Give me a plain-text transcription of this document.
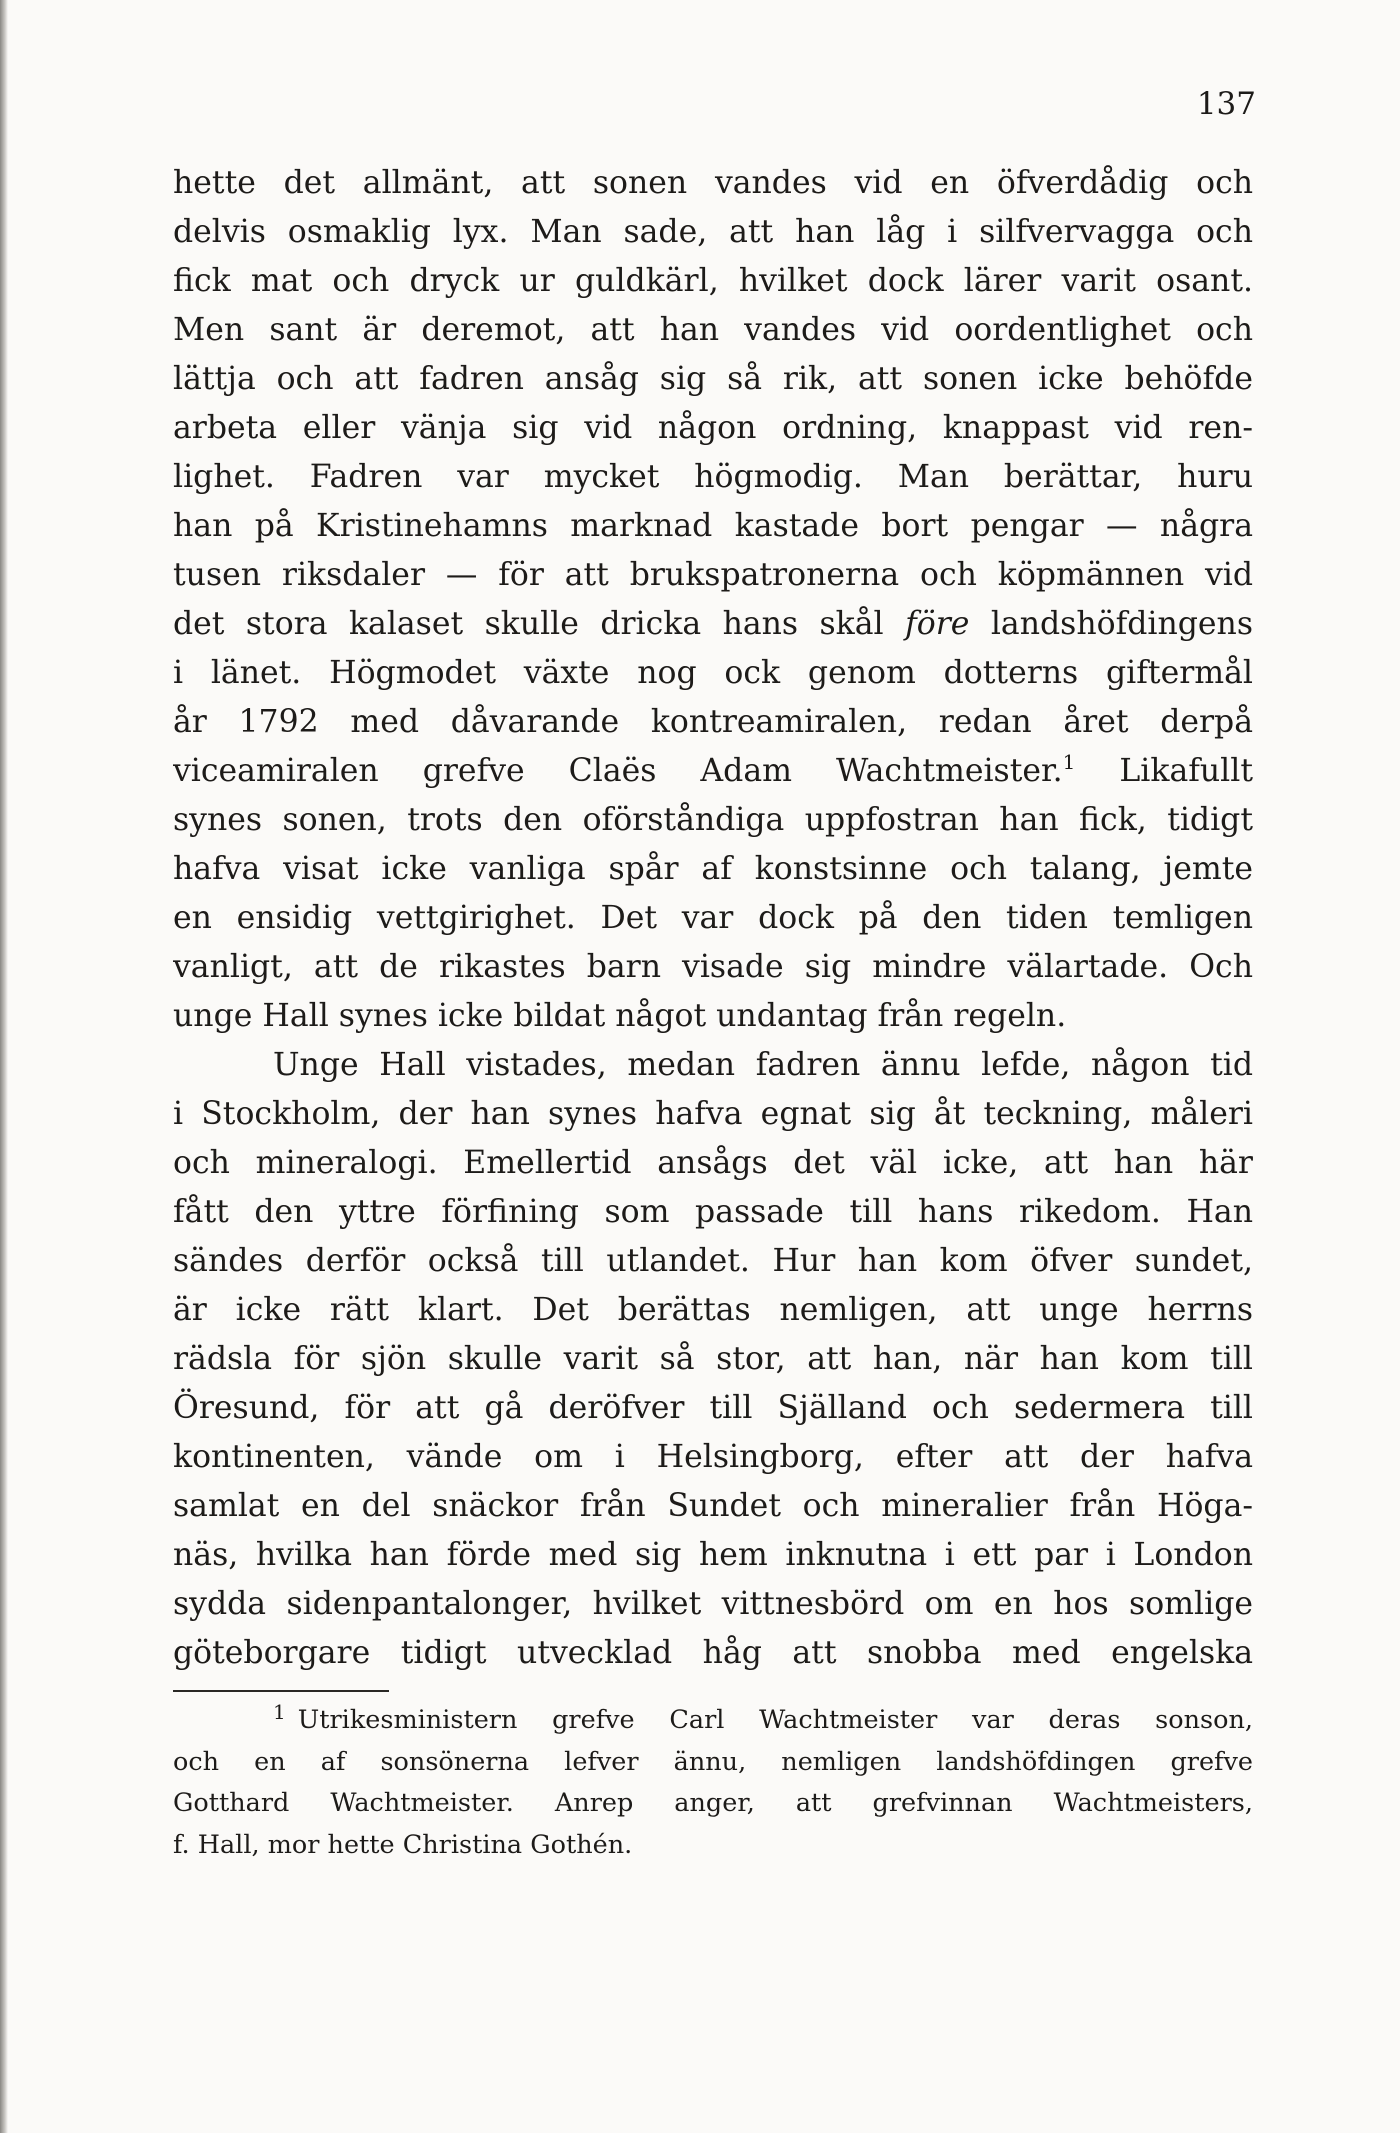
137
hette det allmänt, att sonen vandes vid en öfverdådig och
delvis osmaklig lyx. Man sade, att han låg i silfvervagga och
fick mat och dryck ur guldkärl, hvilket dock lärer varit osant.
Men sant är deremot, att han vandes vid oordentlighet och
lättja och att fadren ansåg sig så rik, att sonen icke behöfde
arbeta eller vänja sig vid någon ordning, knappast vid ren-
lighet. Fadren var mycket högmodig. Man berättar, huru
han på Kristinehamns marknad kastade bort pengar — några
tusen riksdaler — för att brukspatronerna och köpmännen vid
det stora kalaset skulle dricka hans skål före landshöfdingens
i länet. Högmodet växte nog ock genom dotterns giftermål
år 1792 med dåvarande kontreamiralen, redan året derpå
viceamiralen grefve Claës Adam Wachtmeister.$^1$ Likafullt
synes sonen, trots den oförståndiga uppfostran han fick, tidigt
hafva visat icke vanliga spår af konstsinne och talang, jemte
en ensidig vettgirighet. Det var dock på den tiden temligen
vanligt, att de rikastes barn visade sig mindre välartade. Och
unge Hall synes icke bildat något undantag från regeln.
Unge Hall vistades, medan fadren ännu lefde, någon tid
i Stockholm, der han synes hafva egnat sig åt teckning, måleri
och mineralogi. Emellertid ansågs det väl icke, att han här
fått den yttre förfining som passade till hans rikedom. Han
sändes derför också till utlandet. Hur han kom öfver sundet,
är icke rätt klart. Det berättas nemligen, att unge herrns
rädsla för sjön skulle varit så stor, att han, när han kom till
Öresund, för att gå deröfver till Själland och sedermera till
kontinenten, vände om i Helsingborg, efter att der hafva
samlat en del snäckor från Sundet och mineralier från Höga-
näs, hvilka han förde med sig hem inknutna i ett par i London
sydda sidenpantalonger, hvilket vittnesbörd om en hos somlige
göteborgare tidigt utvecklad håg att snobba med engelska
$^1$ Utrikesministern grefve Carl Wachtmeister var deras sonson,
och en af sonsönerna lefver ännu, nemligen landshöfdingen grefve
Gotthard Wachtmeister. Anrep anger, att grefvinnan Wachtmeisters,
f. Hall, mor hette Christina Gothén.
